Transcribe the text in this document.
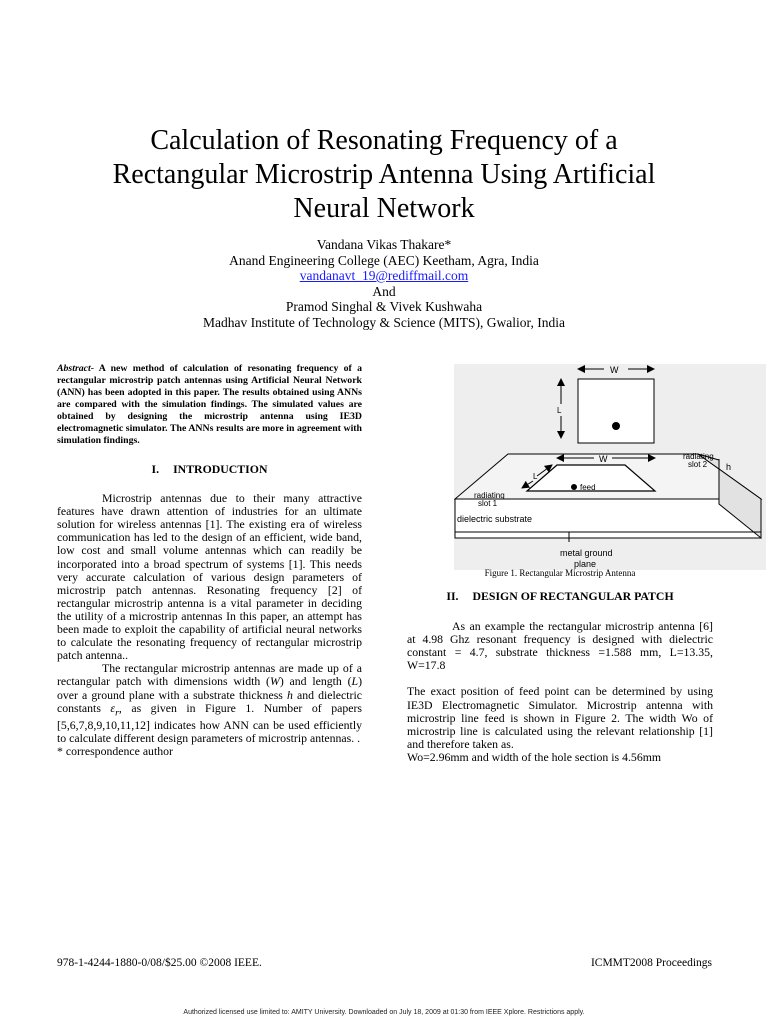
Calculation of Resonating Frequency of a
Rectangular Microstrip Antenna Using Artificial
Neural Network
Vandana Vikas Thakare*
Anand Engineering College (AEC) Keetham, Agra, India
vandanavt_19@rediffmail.com
And
Pramod Singhal & Vivek Kushwaha
Madhav Institute of Technology & Science (MITS), Gwalior, India

Abstract- A new method of calculation of resonating frequency of a rectangular microstrip patch antennas using Artificial Neural Network (ANN) has been adopted in this paper. The results obtained using ANNs are compared with the simulation findings. The simulated values are obtained by designing the microstrip antenna using IE3D electromagnetic simulator. The ANNs results are more in agreement with simulation findings.

I. INTRODUCTION

Microstrip antennas due to their many attractive features have drawn attention of industries for an ultimate solution for wireless antennas [1]. The existing era of wireless communication has led to the design of an efficient, wide band, low cost and small volume antennas which can readily be incorporated into a broad spectrum of systems [1]. This needs very accurate calculation of various design parameters of microstrip patch antennas. Resonating frequency [2] of rectangular microstrip antenna is a vital parameter in deciding the utility of a microstrip antennas In this paper, an attempt has been made to exploit the capability of artificial neural networks to calculate the resonating frequency of rectangular microstrip patch antenna..

The rectangular microstrip antennas are made up of a rectangular patch with dimensions width (W) and length (L) over a ground plane with a substrate thickness h and dielectric constants $\varepsilon_r$, as given in Figure 1. Number of papers [5,6,7,8,9,10,11,12] indicates how ANN can be used efficiently to calculate different design parameters of microstrip antennas. .

* correspondence author

W
L
feed
W
L
radiating
slot 1
radiating
slot 2 h
dielectric substrate
metal ground
plane
Figure 1. Rectangular Microstrip Antenna
II. DESIGN OF RECTANGULAR PATCH

As an example the rectangular microstrip antenna [6] at 4.98 Ghz resonant frequency is designed with dielectric constant = 4.7, substrate thickness =1.588 mm, L=13.35, W=17.8

The exact position of feed point can be determined by using IE3D Electromagnetic Simulator. Microstrip antenna with microstrip line feed is shown in Figure 2. The width Wo of microstrip line is calculated using the relevant relationship [1] and therefore taken as.

Wo=2.96mm and width of the hole section is 4.56mm

978-1-4244-1880-0/08/$25.00 ©2008 IEEE.	ICMMT2008 Proceedings
Authorized licensed use limited to: AMITY University. Downloaded on July 18, 2009 at 01:30 from IEEE Xplore. Restrictions apply.
